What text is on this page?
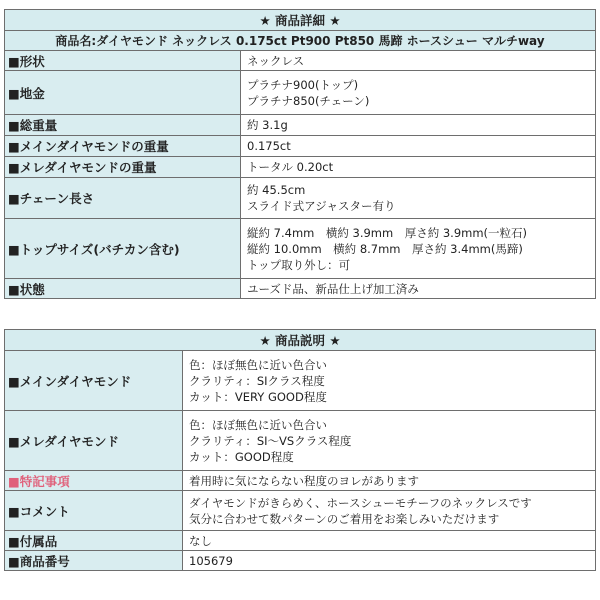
★ 商品詳細 ★	
商品名:ダイヤモンド ネックレス 0.175ct Pt900 Pt850 馬蹄 ホースシュー マルチway	
■形状	ネックレス

■地金	プラチナ900(トップ)
プラチナ850(チェーン)

■総重量	約 3.1g

■メインダイヤモンドの重量	0.175ct

■メレダイヤモンドの重量	トータル 0.20ct

■チェーン長さ	約 45.5cm
スライド式アジャスター有り

■トップサイズ(バチカン含む)	縦約 7.4mm　横約 3.9mm　厚さ約 3.9mm(一粒石)
縦約 10.0mm　横約 8.7mm　厚さ約 3.4mm(馬蹄)
トップ取り外し：可

■状態	ユーズド品、新品仕上げ加工済み
★ 商品説明 ★	
■メインダイヤモンド	色：ほぼ無色に近い色合い
クラリティ：SIクラス程度
カット：VERY GOOD程度

■メレダイヤモンド	色：ほぼ無色に近い色合い
クラリティ：SI～VSクラス程度
カット：GOOD程度

■特記事項	着用時に気にならない程度のヨレがあります

■コメント	ダイヤモンドがきらめく、ホースシューモチーフのネックレスです
気分に合わせて数パターンのご着用をお楽しみいただけます

■付属品	なし

■商品番号	105679
